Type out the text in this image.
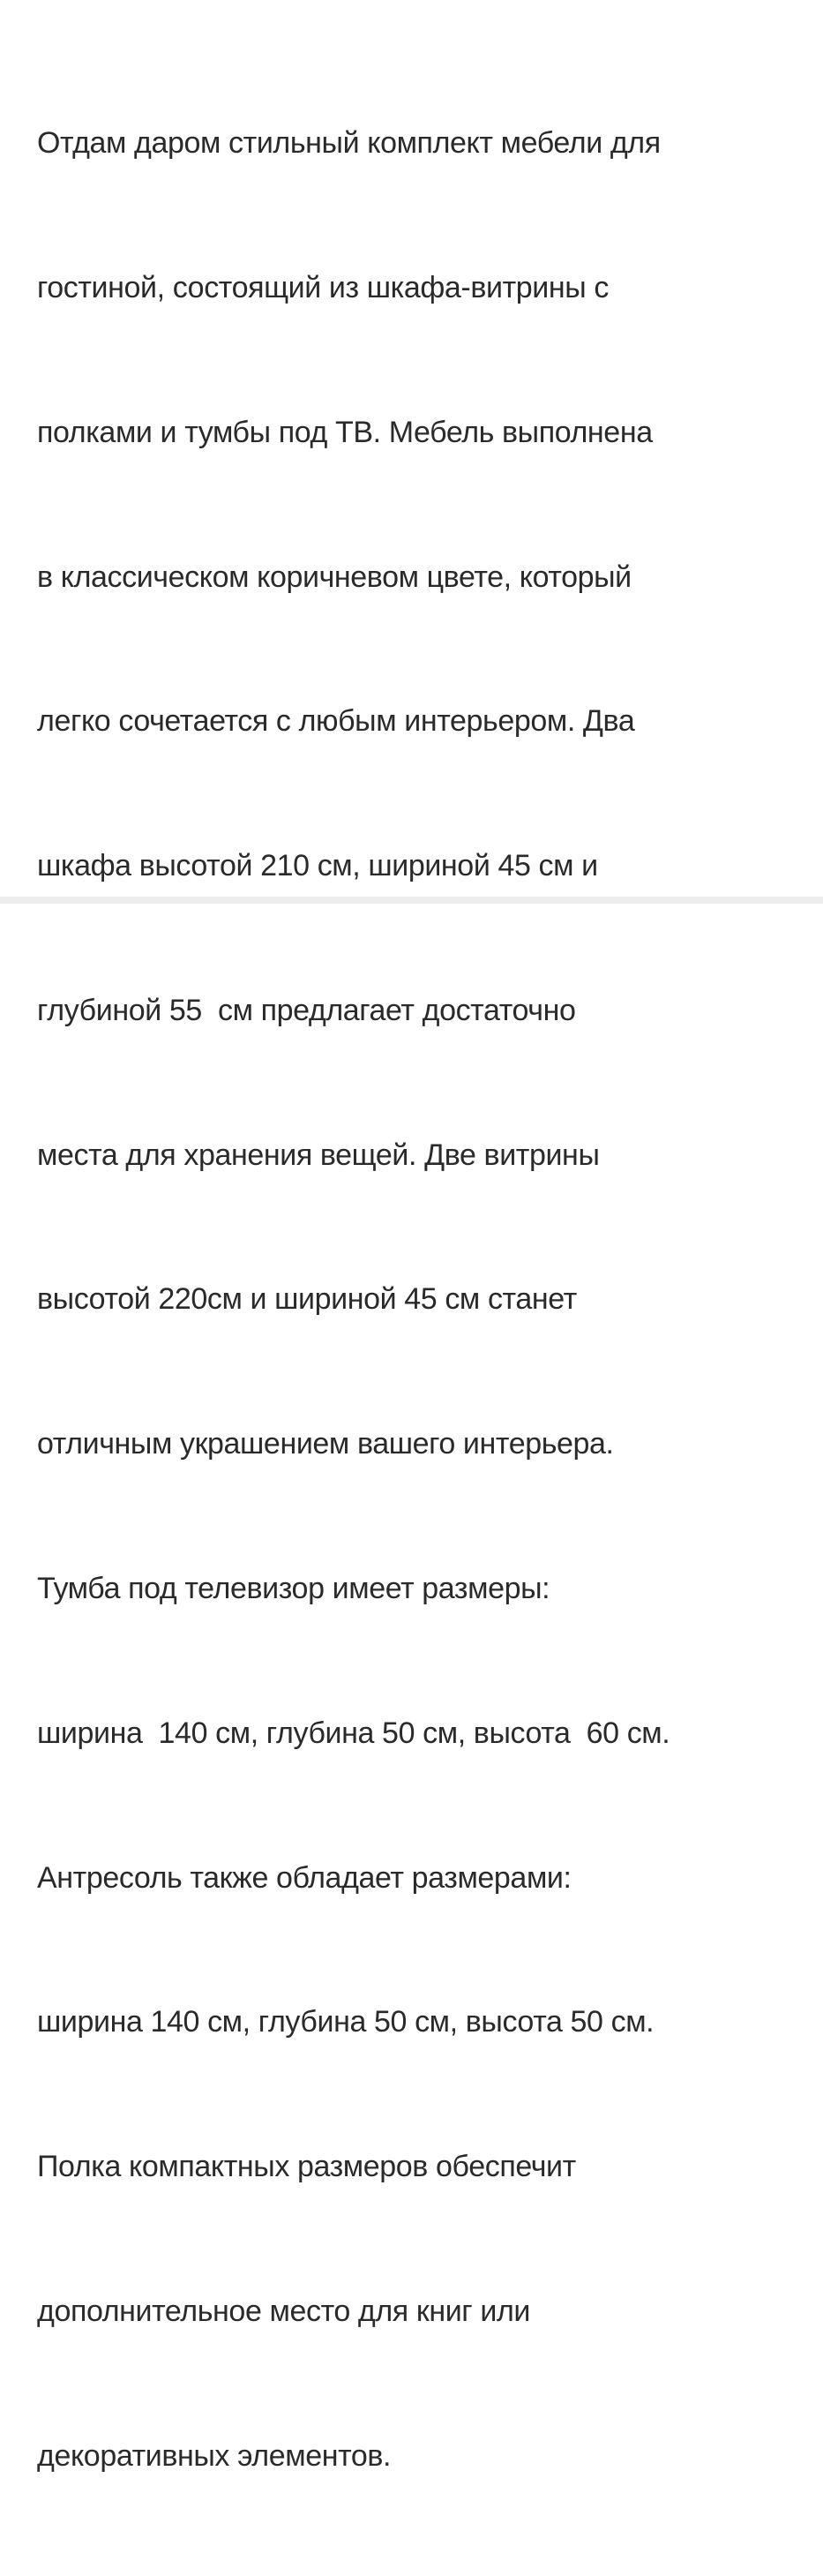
Отдам даром стильный комплект мебели для

гостиной, состоящий из шкафа-витрины с

полками и тумбы под ТВ. Мебель выполнена

в классическом коричневом цвете, который

легко сочетается с любым интерьером. Два

шкафа высотой 210 см, шириной 45 см и

глубиной 55  см предлагает достаточно

места для хранения вещей. Две витрины

высотой 220см и шириной 45 см станет

отличным украшением вашего интерьера.

Тумба под телевизор имеет размеры:

ширина  140 см, глубина 50 см, высота  60 см.

Антресоль также обладает размерами:

ширина 140 см, глубина 50 см, высота 50 см.

Полка компактных размеров обеспечит

дополнительное место для книг или

декоративных элементов.
